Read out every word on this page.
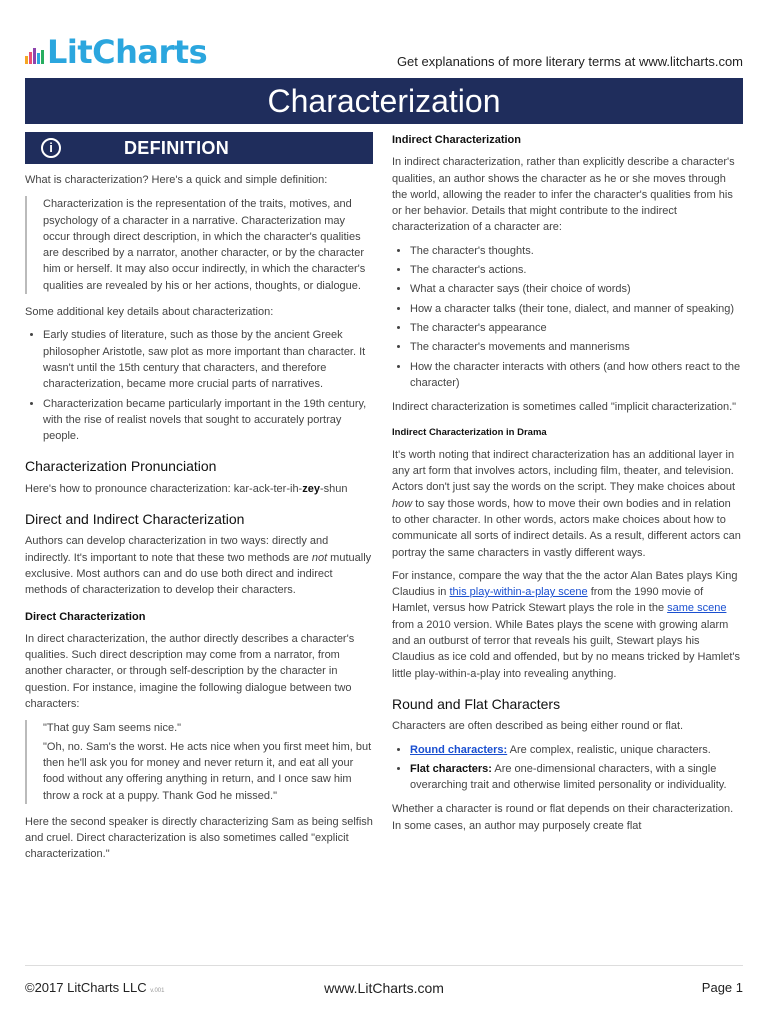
LitCharts	Get explanations of more literary terms at www.litcharts.com
Characterization
i	DEFINITION

What is characterization? Here's a quick and simple definition:

Characterization is the representation of the traits, motives, and psychology of a character in a narrative. Characterization may occur through direct description, in which the character's qualities are described by a narrator, another character, or by the character him or herself. It may also occur indirectly, in which the character's qualities are revealed by his or her actions, thoughts, or dialogue.

Some additional key details about characterization:

• Early studies of literature, such as those by the ancient Greek philosopher Aristotle, saw plot as more important than character. It wasn't until the 15th century that characters, and therefore characterization, became more crucial parts of narratives.
• Characterization became particularly important in the 19th century, with the rise of realist novels that sought to accurately portray people.
Characterization Pronunciation

Here's how to pronounce characterization: kar-ack-ter-ih-zey-shun

Direct and Indirect Characterization

Authors can develop characterization in two ways: directly and indirectly. It's important to note that these two methods are not mutually exclusive. Most authors can and do use both direct and indirect methods of characterization to develop their characters.

Direct Characterization

In direct characterization, the author directly describes a character's qualities. Such direct description may come from a narrator, from another character, or through self-description by the character in question. For instance, imagine the following dialogue between two characters:

"That guy Sam seems nice."

"Oh, no. Sam's the worst. He acts nice when you first meet him, but then he'll ask you for money and never return it, and eat all your food without any offering anything in return, and I once saw him throw a rock at a puppy. Thank God he missed."

Here the second speaker is directly characterizing Sam as being selfish and cruel. Direct characterization is also sometimes called "explicit characterization."

Indirect Characterization

In indirect characterization, rather than explicitly describe a character's qualities, an author shows the character as he or she moves through the world, allowing the reader to infer the character's qualities from his or her behavior. Details that might contribute to the indirect characterization of a character are:

• The character's thoughts.
• The character's actions.
• What a character says (their choice of words)
• How a character talks (their tone, dialect, and manner of speaking)
• The character's appearance
• The character's movements and mannerisms
• How the character interacts with others (and how others react to the character)

Indirect characterization is sometimes called "implicit characterization."

Indirect Characterization in Drama

It's worth noting that indirect characterization has an additional layer in any art form that involves actors, including film, theater, and television. Actors don't just say the words on the script. They make choices about how to say those words, how to move their own bodies and in relation to other character. In other words, actors make choices about how to communicate all sorts of indirect details. As a result, different actors can portray the same characters in vastly different ways.

For instance, compare the way that the the actor Alan Bates plays King Claudius in this play-within-a-play scene from the 1990 movie of Hamlet, versus how Patrick Stewart plays the role in the same scene from a 2010 version. While Bates plays the scene with growing alarm and an outburst of terror that reveals his guilt, Stewart plays his Claudius as ice cold and offended, but by no means tricked by Hamlet's little play-within-a-play into revealing anything.

Round and Flat Characters

Characters are often described as being either round or flat.

• Round characters: Are complex, realistic, unique characters.
• Flat characters: Are one-dimensional characters, with a single overarching trait and otherwise limited personality or individuality.

Whether a character is round or flat depends on their characterization. In some cases, an author may purposely create flat

©2017 LitCharts LLC v.001	www.LitCharts.com	Page 1
